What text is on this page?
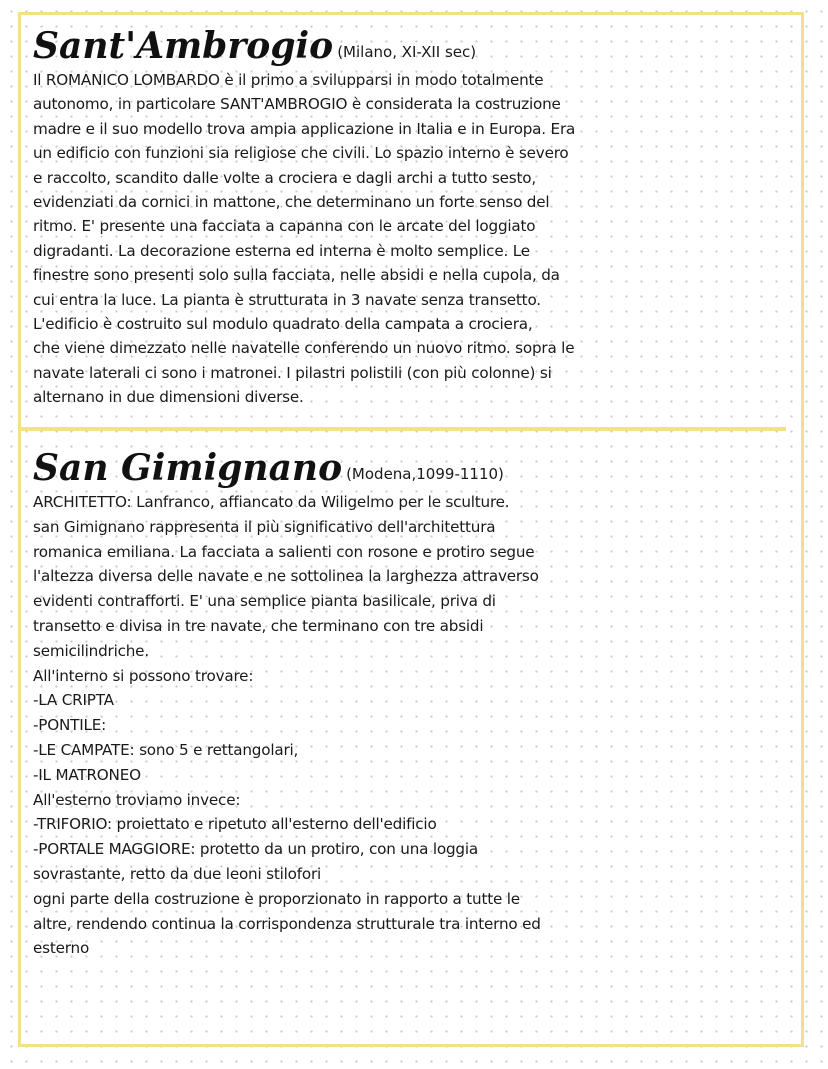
Sant'Ambrogio (Milano, XI-XII sec)
Il ROMANICO LOMBARDO è il primo a svilupparsi in modo totalmente
autonomo, in particolare SANT'AMBROGIO è considerata la costruzione
madre e il suo modello trova ampia applicazione in Italia e in Europa. Era
un edificio con funzioni sia religiose che civili. Lo spazio interno è severo
e raccolto, scandito dalle volte a crociera e dagli archi a tutto sesto,
evidenziati da cornici in mattone, che determinano un forte senso del
ritmo. E' presente una facciata a capanna con le arcate del loggiato
digradanti. La decorazione esterna ed interna è molto semplice. Le
finestre sono presenti solo sulla facciata, nelle absidi e nella cupola, da
cui entra la luce. La pianta è strutturata in 3 navate senza transetto.
L'edificio è costruito sul modulo quadrato della campata a crociera,
che viene dimezzato nelle navatelle conferendo un nuovo ritmo. sopra le
navate laterali ci sono i matronei. I pilastri polistili (con più colonne) si
alternano in due dimensioni diverse.
San Gimignano (Modena,1099-1110)
ARCHITETTO: Lanfranco, affiancato da Wiligelmo per le sculture.
san Gimignano rappresenta il più significativo dell'architettura
romanica emiliana. La facciata a salienti con rosone e protiro segue
l'altezza diversa delle navate e ne sottolinea la larghezza attraverso
evidenti contrafforti. E' una semplice pianta basilicale, priva di
transetto e divisa in tre navate, che terminano con tre absidi
semicilindriche.
All'interno si possono trovare:
-LA CRIPTA
-PONTILE:
-LE CAMPATE: sono 5 e rettangolari,
-IL MATRONEO
All'esterno troviamo invece:
-TRIFORIO: proiettato e ripetuto all'esterno dell'edificio
-PORTALE MAGGIORE: protetto da un protiro, con una loggia
sovrastante, retto da due leoni stilofori
ogni parte della costruzione è proporzionato in rapporto a tutte le
altre, rendendo continua la corrispondenza strutturale tra interno ed
esterno
